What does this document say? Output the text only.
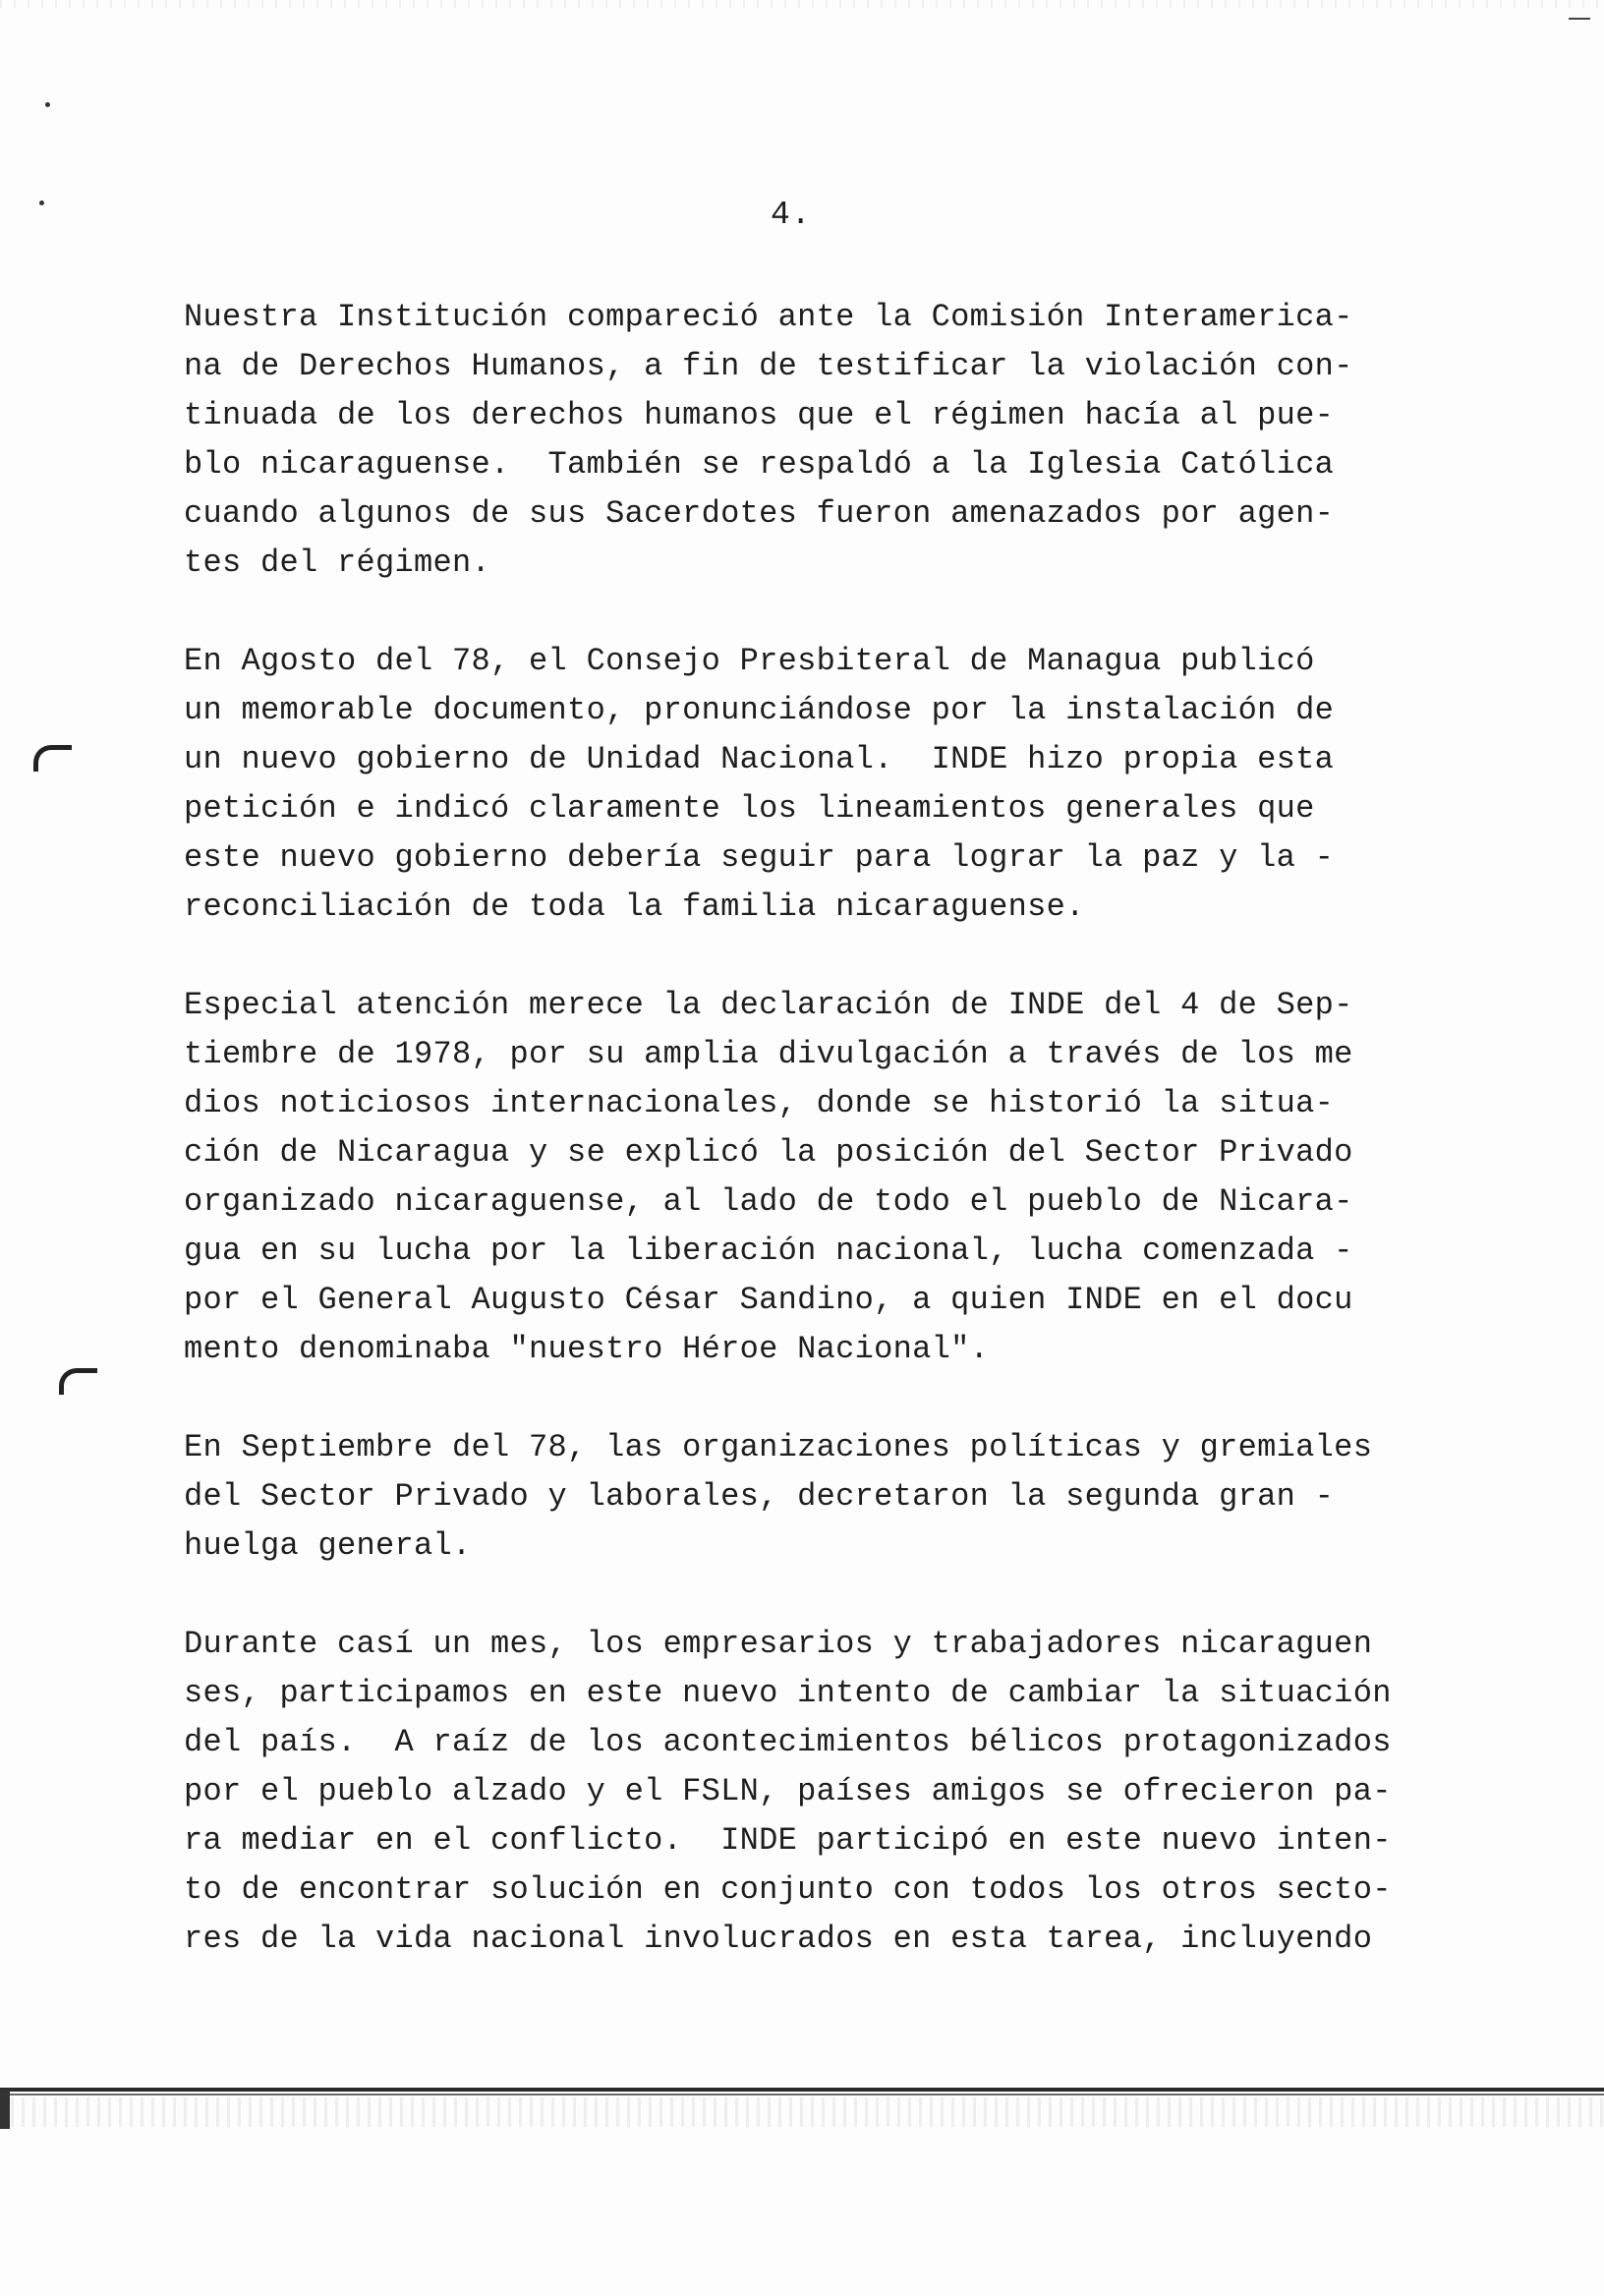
4.
Nuestra Institución compareció ante la Comisión Interamerica-
na de Derechos Humanos, a fin de testificar la violación con-
tinuada de los derechos humanos que el régimen hacía al pue-
blo nicaraguense.  También se respaldó a la Iglesia Católica
cuando algunos de sus Sacerdotes fueron amenazados por agen-
tes del régimen.
En Agosto del 78, el Consejo Presbiteral de Managua publicó
un memorable documento, pronunciándose por la instalación de
un nuevo gobierno de Unidad Nacional.  INDE hizo propia esta
petición e indicó claramente los lineamientos generales que
este nuevo gobierno debería seguir para lograr la paz y la -
reconciliación de toda la familia nicaraguense.
Especial atención merece la declaración de INDE del 4 de Sep-
tiembre de 1978, por su amplia divulgación a través de los me
dios noticiosos internacionales, donde se historió la situa-
ción de Nicaragua y se explicó la posición del Sector Privado
organizado nicaraguense, al lado de todo el pueblo de Nicara-
gua en su lucha por la liberación nacional, lucha comenzada -
por el General Augusto César Sandino, a quien INDE en el docu
mento denominaba "nuestro Héroe Nacional".
En Septiembre del 78, las organizaciones políticas y gremiales
del Sector Privado y laborales, decretaron la segunda gran -
huelga general.
Durante casí un mes, los empresarios y trabajadores nicaraguen
ses, participamos en este nuevo intento de cambiar la situación
del país.  A raíz de los acontecimientos bélicos protagonizados
por el pueblo alzado y el FSLN, países amigos se ofrecieron pa-
ra mediar en el conflicto.  INDE participó en este nuevo inten-
to de encontrar solución en conjunto con todos los otros secto-
res de la vida nacional involucrados en esta tarea, incluyendo
